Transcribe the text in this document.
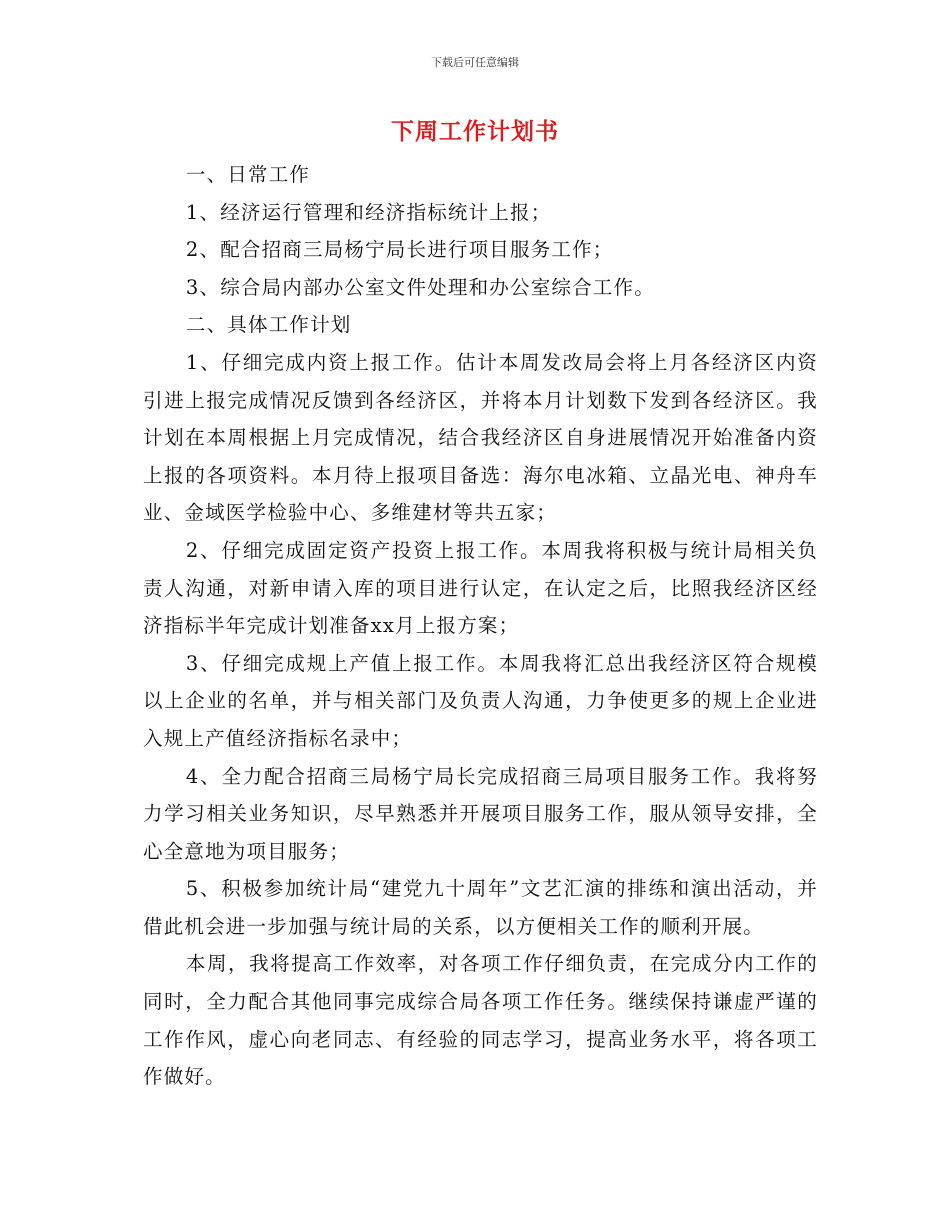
下载后可任意编辑
下周工作计划书

一、日常工作

1、经济运行管理和经济指标统计上报；

2、配合招商三局杨宁局长进行项目服务工作；

3、综合局内部办公室文件处理和办公室综合工作。

二、具体工作计划

1、仔细完成内资上报工作。估计本周发改局会将上月各经济区内资引进上报完成情况反馈到各经济区，并将本月计划数下发到各经济区。我计划在本周根据上月完成情况，结合我经济区自身进展情况开始准备内资上报的各项资料。本月待上报项目备选：海尔电冰箱、立晶光电、神舟车业、金域医学检验中心、多维建材等共五家；

2、仔细完成固定资产投资上报工作。本周我将积极与统计局相关负责人沟通，对新申请入库的项目进行认定，在认定之后，比照我经济区经济指标半年完成计划准备xx月上报方案；

3、仔细完成规上产值上报工作。本周我将汇总出我经济区符合规模以上企业的名单，并与相关部门及负责人沟通，力争使更多的规上企业进入规上产值经济指标名录中；

4、全力配合招商三局杨宁局长完成招商三局项目服务工作。我将努力学习相关业务知识，尽早熟悉并开展项目服务工作，服从领导安排，全心全意地为项目服务；

5、积极参加统计局“建党九十周年”文艺汇演的排练和演出活动，并借此机会进一步加强与统计局的关系，以方便相关工作的顺利开展。

本周，我将提高工作效率，对各项工作仔细负责，在完成分内工作的同时，全力配合其他同事完成综合局各项工作任务。继续保持谦虚严谨的工作作风，虚心向老同志、有经验的同志学习，提高业务水平，将各项工作做好。
